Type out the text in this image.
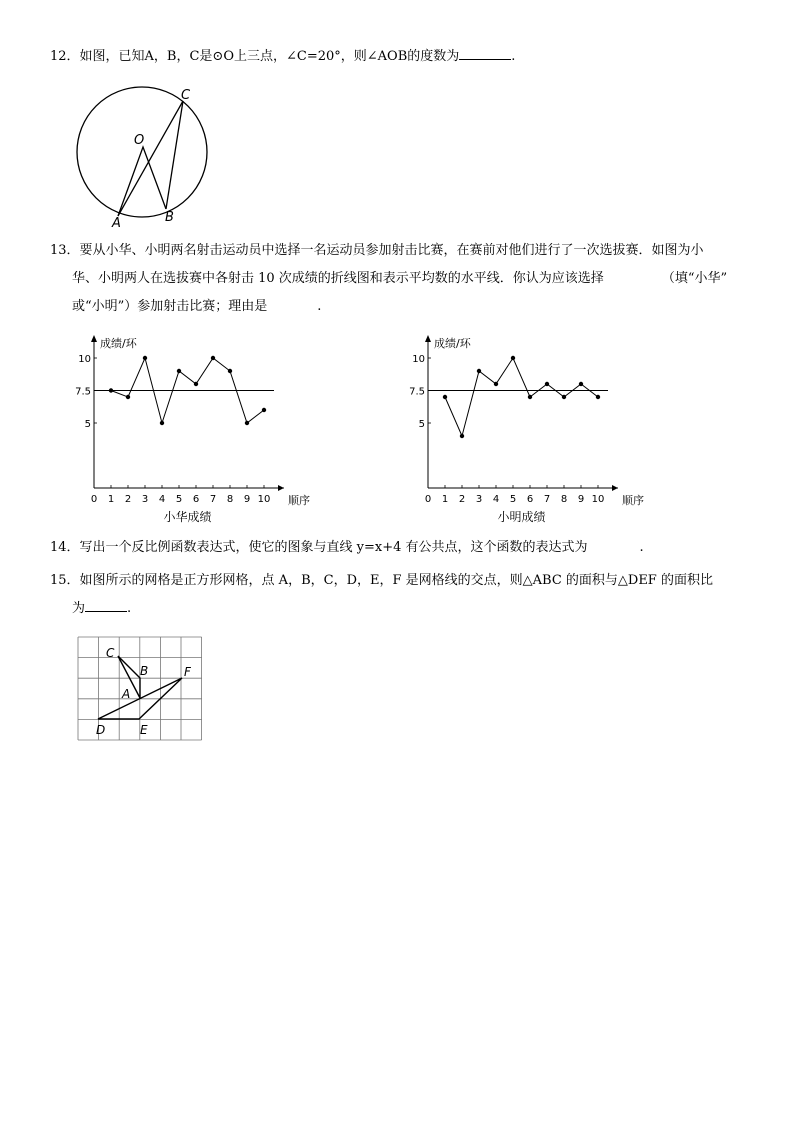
12．如图，已知A，B，C是⊙O上三点，∠C=20°，则∠AOB的度数为	.
C
O
A	B
13．要从小华、小明两名射击运动员中选择一名运动员参加射击比赛，在赛前对他们进行了一次选拔赛．如图为小
华、小明两人在选拔赛中各射击 10 次成绩的折线图和表示平均数的水平线．你认为应该选择	（填“小华”
或“小明”）参加射击比赛；理由是	.
成绩/环
顺序
0 1 2 3 4 5 6 7 8 9 10
5
7.5
10
小华成绩
成绩/环
顺序
0 1 2 3 4 5 6 7 8 9 10
5
7.5
10
小明成绩
14．写出一个反比例函数表达式，使它的图象与直线 y=x+4 有公共点，这个函数的表达式为	.
15．如图所示的网格是正方形网格，点 A，B，C，D，E，F 是网格线的交点，则△ABC 的面积与△DEF 的面积比
为	.
C
B
A
F
D	E
